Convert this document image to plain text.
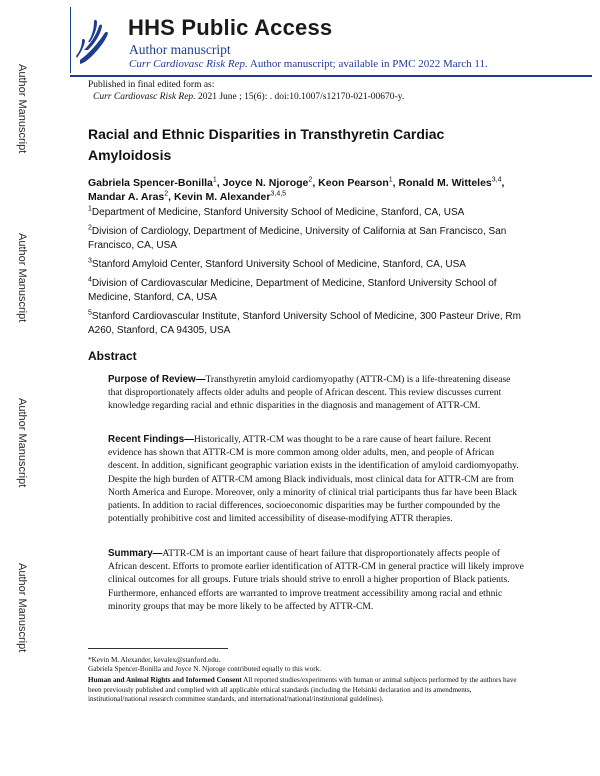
HHS Public Access
Author manuscript
Curr Cardiovasc Risk Rep. Author manuscript; available in PMC 2022 March 11.
Author Manuscript
Author Manuscript
Author Manuscript
Author Manuscript
Published in final edited form as:
Curr Cardiovasc Risk Rep. 2021 June ; 15(6): . doi:10.1007/s12170-021-00670-y.
Racial and Ethnic Disparities in Transthyretin Cardiac Amyloidosis
Gabriela Spencer-Bonilla$^1$, Joyce N. Njoroge$^2$, Keon Pearson$^1$, Ronald M. Witteles$^{3,4}$,
Mandar A. Aras$^2$, Kevin M. Alexander$^{3,4,5}$
$^1$Department of Medicine, Stanford University School of Medicine, Stanford, CA, USA
$^2$Division of Cardiology, Department of Medicine, University of California at San Francisco, San Francisco, CA, USA
$^3$Stanford Amyloid Center, Stanford University School of Medicine, Stanford, CA, USA
$^4$Division of Cardiovascular Medicine, Department of Medicine, Stanford University School of Medicine, Stanford, CA, USA
$^5$Stanford Cardiovascular Institute, Stanford University School of Medicine, 300 Pasteur Drive, Rm A260, Stanford, CA 94305, USA
Abstract
Purpose of Review—Transthyretin amyloid cardiomyopathy (ATTR-CM) is a life-threatening disease that disproportionately affects older adults and people of African descent. This review discusses current knowledge regarding racial and ethnic disparities in the diagnosis and management of ATTR-CM.
Recent Findings—Historically, ATTR-CM was thought to be a rare cause of heart failure. Recent evidence has shown that ATTR-CM is more common among older adults, men, and people of African descent. In addition, significant geographic variation exists in the identification of amyloid cardiomyopathy. Despite the high burden of ATTR-CM among Black individuals, most clinical data for ATTR-CM are from North America and Europe. Moreover, only a minority of clinical trial participants thus far have been Black patients. In addition to racial differences, socioeconomic disparities may be further compounded by the potentially prohibitive cost and limited accessibility of disease-modifying ATTR therapies.
Summary—ATTR-CM is an important cause of heart failure that disproportionately affects people of African descent. Efforts to promote earlier identification of ATTR-CM in general practice will likely improve clinical outcomes for all groups. Future trials should strive to enroll a higher proportion of Black patients. Furthermore, enhanced efforts are warranted to improve treatment accessibility among racial and ethnic minority groups that may be more likely to be affected by ATTR-CM.
*Kevin M. Alexander, kevalex@stanford.edu.
Gabriela Spencer-Bonilla and Joyce N. Njoroge contributed equally to this work.
Human and Animal Rights and Informed Consent All reported studies/experiments with human or animal subjects performed by the authors have been previously published and complied with all applicable ethical standards (including the Helsinki declaration and its amendments, institutional/national research committee standards, and international/national/institutional guidelines).
